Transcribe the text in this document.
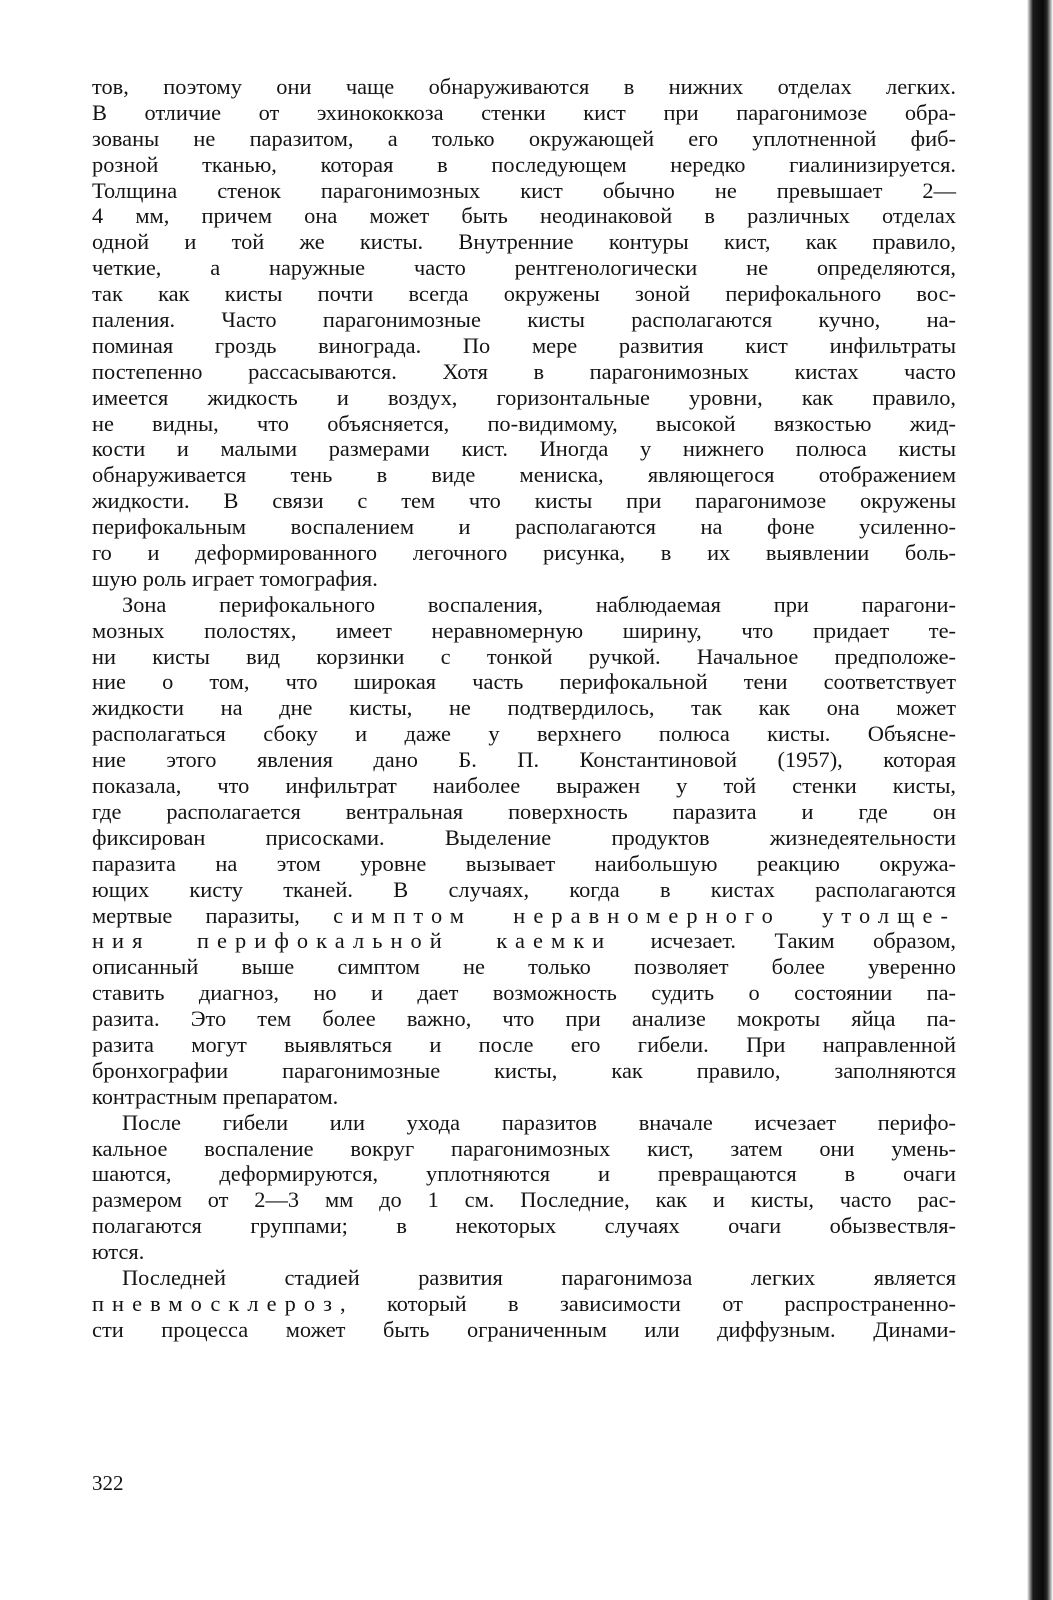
тов, поэтому они чаще обнаруживаются в нижних отделах легких.
В отличие от эхинококкоза стенки кист при парагонимозе обра-
зованы не паразитом, а только окружающей его уплотненной фиб-
розной тканью, которая в последующем нередко гиалинизируется.
Толщина стенок парагонимозных кист обычно не превышает 2—
4 мм, причем она может быть неодинаковой в различных отделах
одной и той же кисты. Внутренние контуры кист, как правило,
четкие, а наружные часто рентгенологически не определяются,
так как кисты почти всегда окружены зоной перифокального вос-
паления. Часто парагонимозные кисты располагаются кучно, на-
поминая гроздь винограда. По мере развития кист инфильтраты
постепенно рассасываются. Хотя в парагонимозных кистах часто
имеется жидкость и воздух, горизонтальные уровни, как правило,
не видны, что объясняется, по-видимому, высокой вязкостью жид-
кости и малыми размерами кист. Иногда у нижнего полюса кисты
обнаруживается тень в виде мениска, являющегося отображением
жидкости. В связи с тем что кисты при парагонимозе окружены
перифокальным воспалением и располагаются на фоне усиленно-
го и деформированного легочного рисунка, в их выявлении боль-
шую роль играет томография.
Зона перифокального воспаления, наблюдаемая при парагони-
мозных полостях, имеет неравномерную ширину, что придает те-
ни кисты вид корзинки с тонкой ручкой. Начальное предположе-
ние о том, что широкая часть перифокальной тени соответствует
жидкости на дне кисты, не подтвердилось, так как она может
располагаться сбоку и даже у верхнего полюса кисты. Объясне-
ние этого явления дано Б. П. Константиновой (1957), которая
показала, что инфильтрат наиболее выражен у той стенки кисты,
где располагается вентральная поверхность паразита и где он
фиксирован присосками. Выделение продуктов жизнедеятельности
паразита на этом уровне вызывает наибольшую реакцию окружа-
ющих кисту тканей. В случаях, когда в кистах располагаются
мертвые паразиты, симптом неравномерного утолще-
ния перифокальной каемки исчезает. Таким образом,
описанный выше симптом не только позволяет более уверенно
ставить диагноз, но и дает возможность судить о состоянии па-
разита. Это тем более важно, что при анализе мокроты яйца па-
разита могут выявляться и после его гибели. При направленной
бронхографии парагонимозные кисты, как правило, заполняются
контрастным препаратом.
После гибели или ухода паразитов вначале исчезает перифо-
кальное воспаление вокруг парагонимозных кист, затем они умень-
шаются, деформируются, уплотняются и превращаются в очаги
размером от 2—3 мм до 1 см. Последние, как и кисты, часто рас-
полагаются группами; в некоторых случаях очаги обызвествля-
ются.
Последней стадией развития парагонимоза легких является
пневмосклероз, который в зависимости от распространенно-
сти процесса может быть ограниченным или диффузным. Динами-
322
